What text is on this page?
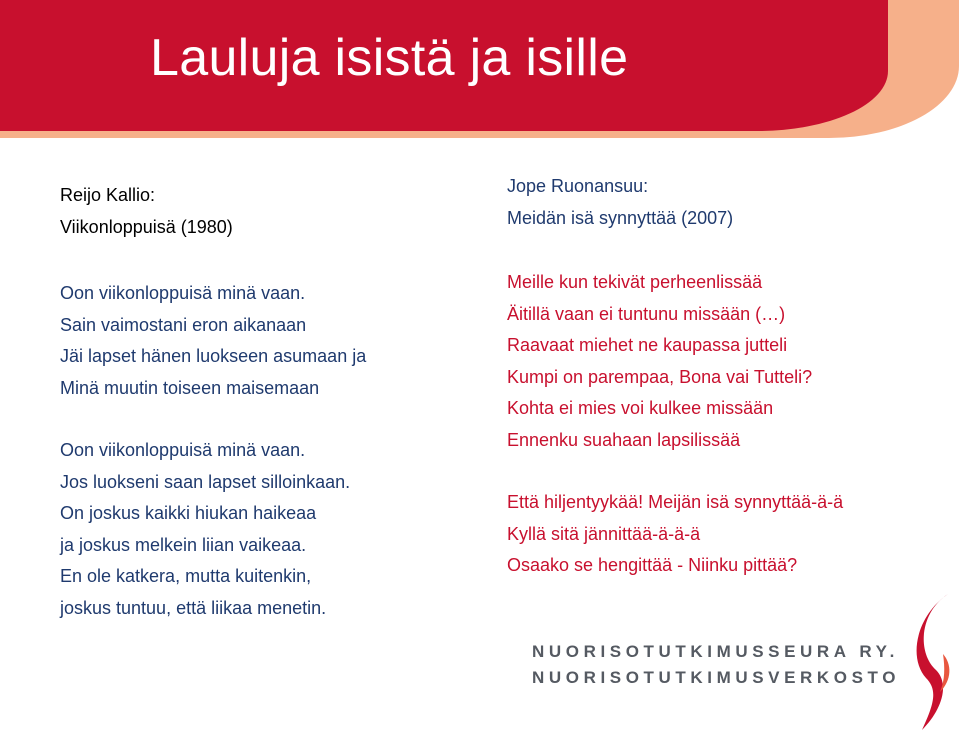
Lauluja isistä ja isille
Reijo Kallio:
Viikonloppuisä (1980)
Oon viikonloppuisä minä vaan.
Sain vaimostani eron aikanaan
Jäi lapset hänen luokseen asumaan ja
Minä muutin toiseen maisemaan
Oon viikonloppuisä minä vaan.
Jos luokseni saan lapset silloinkaan.
On joskus kaikki hiukan haikeaa
ja joskus melkein liian vaikeaa.
En ole katkera, mutta kuitenkin,
joskus tuntuu, että liikaa menetin.
Jope Ruonansuu:
Meidän isä synnyttää (2007)
Meille kun tekivät perheenlissää
Äitillä vaan ei tuntunu missään (…)
Raavaat miehet ne kaupassa jutteli
Kumpi on parempaa, Bona vai Tutteli?
Kohta ei mies voi kulkee missään
Ennenku suahaan lapsilissää
Että hiljentyykää! Meijän isä synnyttää-ä-ä
Kyllä sitä jännittää-ä-ä-ä
Osaako se hengittää - Niinku pittää?
NUORISOTUTKIMUSSEURA RY.
NUORISOTUTKIMUSVERKOSTO
